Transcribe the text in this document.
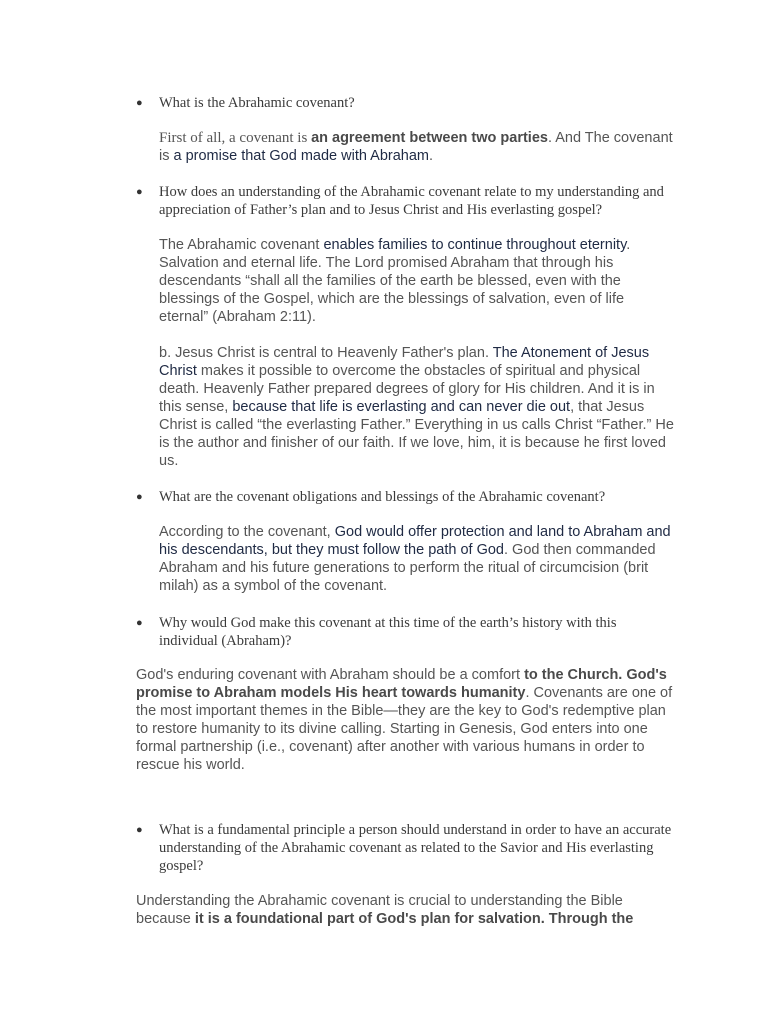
● What is the Abrahamic covenant?
First of all, a covenant is an agreement between two parties. And The covenant is a promise that God made with Abraham.
● How does an understanding of the Abrahamic covenant relate to my understanding and appreciation of Father’s plan and to Jesus Christ and His everlasting gospel?
The Abrahamic covenant enables families to continue throughout eternity. Salvation and eternal life. The Lord promised Abraham that through his descendants “shall all the families of the earth be blessed, even with the blessings of the Gospel, which are the blessings of salvation, even of life eternal” (Abraham 2:11).
b. Jesus Christ is central to Heavenly Father's plan. The Atonement of Jesus Christ makes it possible to overcome the obstacles of spiritual and physical death. Heavenly Father prepared degrees of glory for His children. And it is in this sense, because that life is everlasting and can never die out, that Jesus Christ is called “the everlasting Father.” Everything in us calls Christ “Father.” He is the author and finisher of our faith. If we love, him, it is because he first loved us.
● What are the covenant obligations and blessings of the Abrahamic covenant?
According to the covenant, God would offer protection and land to Abraham and his descendants, but they must follow the path of God. God then commanded Abraham and his future generations to perform the ritual of circumcision (brit milah) as a symbol of the covenant.
● Why would God make this covenant at this time of the earth’s history with this individual (Abraham)?
God's enduring covenant with Abraham should be a comfort to the Church. God's promise to Abraham models His heart towards humanity. Covenants are one of the most important themes in the Bible—they are the key to God's redemptive plan to restore humanity to its divine calling. Starting in Genesis, God enters into one formal partnership (i.e., covenant) after another with various humans in order to rescue his world.
● What is a fundamental principle a person should understand in order to have an accurate understanding of the Abrahamic covenant as related to the Savior and His everlasting gospel?
Understanding the Abrahamic covenant is crucial to understanding the Bible because it is a foundational part of God's plan for salvation. Through the
